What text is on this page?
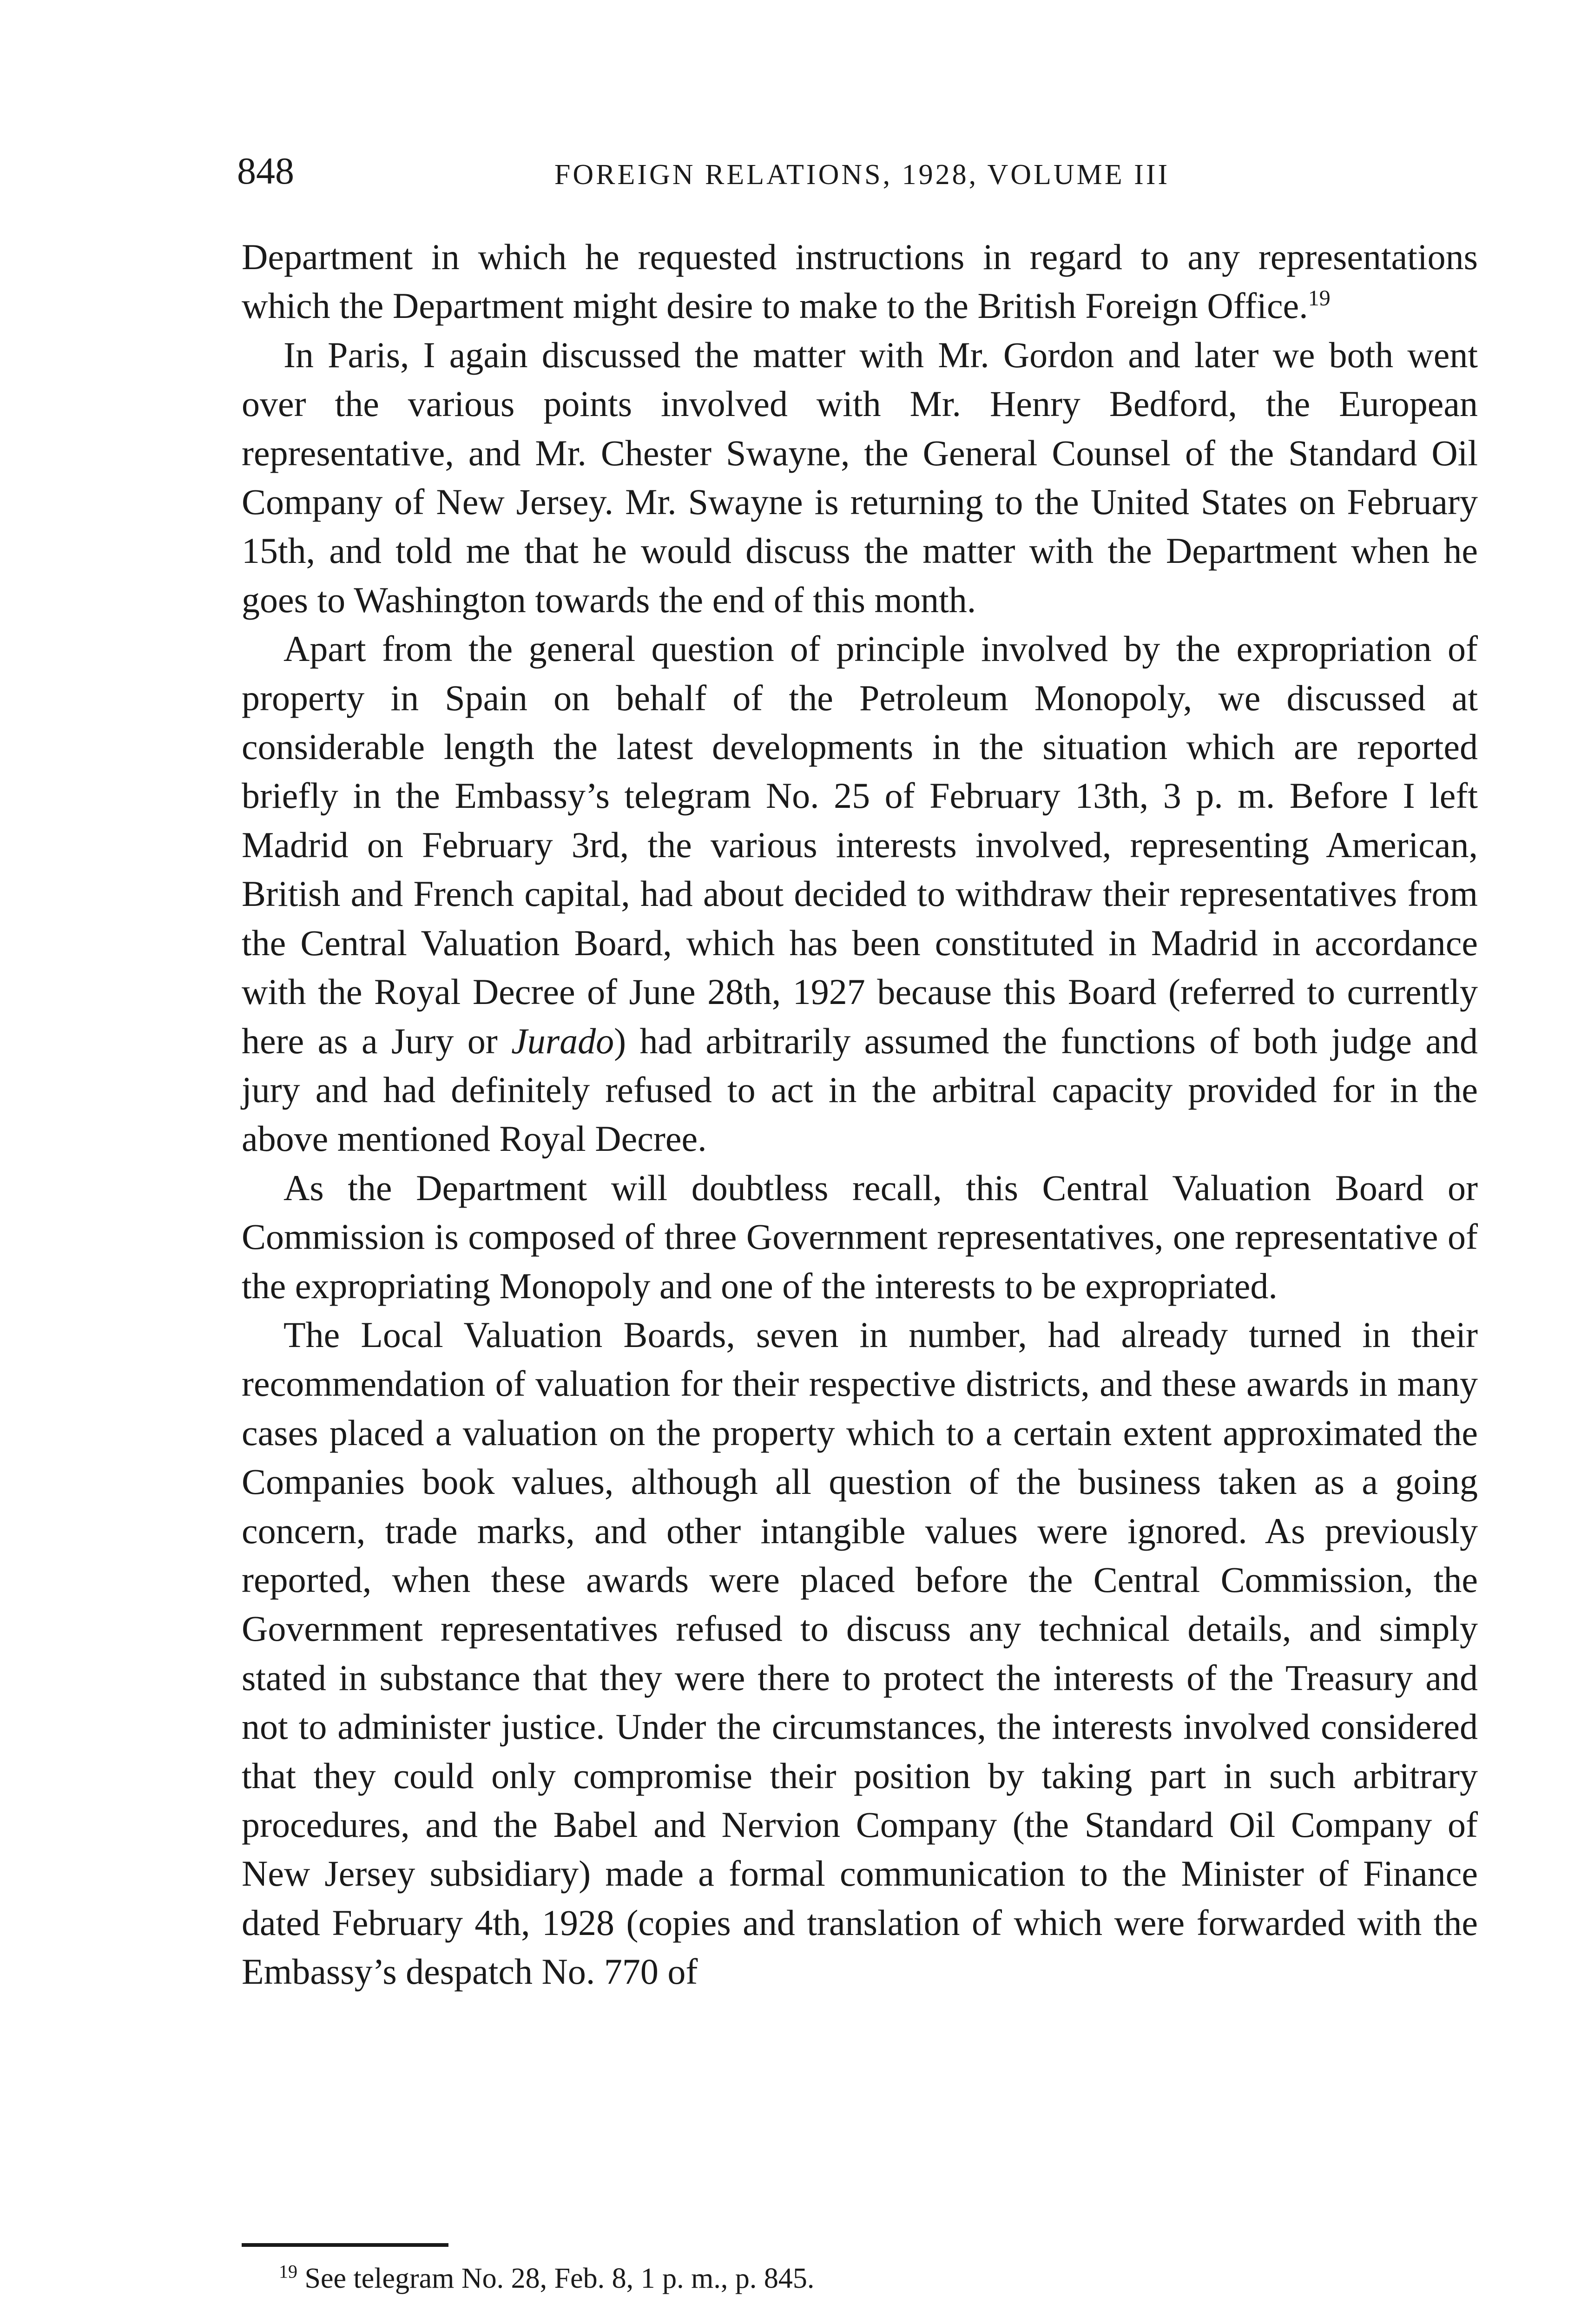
848	FOREIGN RELATIONS, 1928, VOLUME III

Department in which he requested instructions in regard to any representations which the Department might desire to make to the British Foreign Office.$^{19}$

In Paris, I again discussed the matter with Mr. Gordon and later we both went over the various points involved with Mr. Henry Bedford, the European representative, and Mr. Chester Swayne, the General Counsel of the Standard Oil Company of New Jersey. Mr. Swayne is returning to the United States on February 15th, and told me that he would discuss the matter with the Department when he goes to Washington towards the end of this month.

Apart from the general question of principle involved by the expropriation of property in Spain on behalf of the Petroleum Monopoly, we discussed at considerable length the latest developments in the situation which are reported briefly in the Embassy’s telegram No. 25 of February 13th, 3 p. m. Before I left Madrid on February 3rd, the various interests involved, representing American, British and French capital, had about decided to withdraw their representatives from the Central Valuation Board, which has been constituted in Madrid in accordance with the Royal Decree of June 28th, 1927 because this Board (referred to currently here as a Jury or Jurado) had arbitrarily assumed the functions of both judge and jury and had definitely refused to act in the arbitral capacity provided for in the above mentioned Royal Decree.

As the Department will doubtless recall, this Central Valuation Board or Commission is composed of three Government representatives, one representative of the expropriating Monopoly and one of the interests to be expropriated.

The Local Valuation Boards, seven in number, had already turned in their recommendation of valuation for their respective districts, and these awards in many cases placed a valuation on the property which to a certain extent approximated the Companies book values, although all question of the business taken as a going concern, trade marks, and other intangible values were ignored. As previously reported, when these awards were placed before the Central Commission, the Government representatives refused to discuss any technical details, and simply stated in substance that they were there to protect the interests of the Treasury and not to administer justice. Under the circumstances, the interests involved considered that they could only compromise their position by taking part in such arbitrary procedures, and the Babel and Nervion Company (the Standard Oil Company of New Jersey subsidiary) made a formal communication to the Minister of Finance dated February 4th, 1928 (copies and translation of which were forwarded with the Embassy’s despatch No. 770 of

$^{19}$ See telegram No. 28, Feb. 8, 1 p. m., p. 845.
